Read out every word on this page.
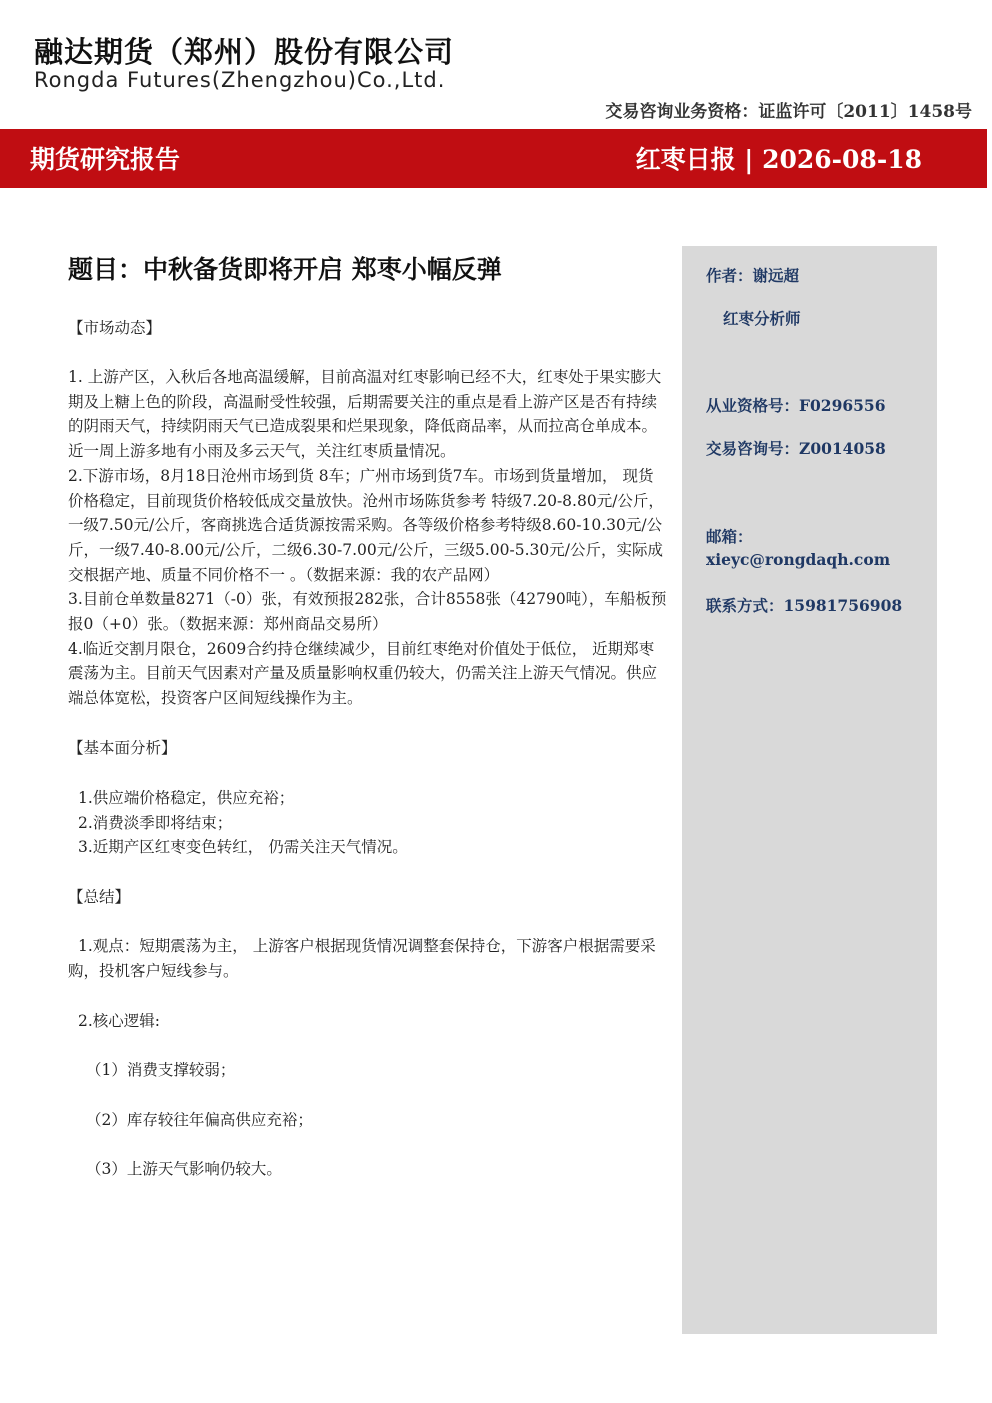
融达期货（郑州）股份有限公司
Rongda Futures(Zhengzhou)Co.,Ltd.
交易咨询业务资格：证监许可〔2011〕1458号
期货研究报告	红枣日报 | 2026-08-18
作者：谢远超
红枣分析师
从业资格号：F0296556
交易咨询号：Z0014058
邮箱：
xieyc@rongdaqh.com
联系方式：15981756908
题目：中秋备货即将开启 郑枣小幅反弹

【市场动态】

1. 上游产区，入秋后各地高温缓解，目前高温对红枣影响已经不大，红枣处于果实膨大期及上糖上色的阶段，高温耐受性较强，后期需要关注的重点是看上游产区是否有持续的阴雨天气，持续阴雨天气已造成裂果和烂果现象，降低商品率，从而拉高仓单成本。近一周上游多地有小雨及多云天气，关注红枣质量情况。

2.下游市场，8月18日沧州市场到货 8车；广州市场到货7车。市场到货量增加， 现货价格稳定，目前现货价格较低成交量放快。沧州市场陈货参考 特级7.20-8.80元/公斤，一级7.50元/公斤，客商挑选合适货源按需采购。各等级价格参考特级8.60-10.30元/公斤，一级7.40-8.00元/公斤，二级6.30-7.00元/公斤，三级5.00-5.30元/公斤，实际成交根据产地、质量不同价格不一 。（数据来源：我的农产品网）

3.目前仓单数量8271（-0）张，有效预报282张，合计8558张（42790吨），车船板预报0（+0）张。（数据来源：郑州商品交易所）

4.临近交割月限仓，2609合约持仓继续减少，目前红枣绝对价值处于低位， 近期郑枣震荡为主。目前天气因素对产量及质量影响权重仍较大，仍需关注上游天气情况。供应端总体宽松，投资客户区间短线操作为主。

【基本面分析】

1.供应端价格稳定，供应充裕；

2.消费淡季即将结束；

3.近期产区红枣变色转红， 仍需关注天气情况。

【总结】

1.观点：短期震荡为主， 上游客户根据现货情况调整套保持仓，下游客户根据需要采购，投机客户短线参与。

2.核心逻辑:

（1）消费支撑较弱；

（2）库存较往年偏高供应充裕；

（3）上游天气影响仍较大。
